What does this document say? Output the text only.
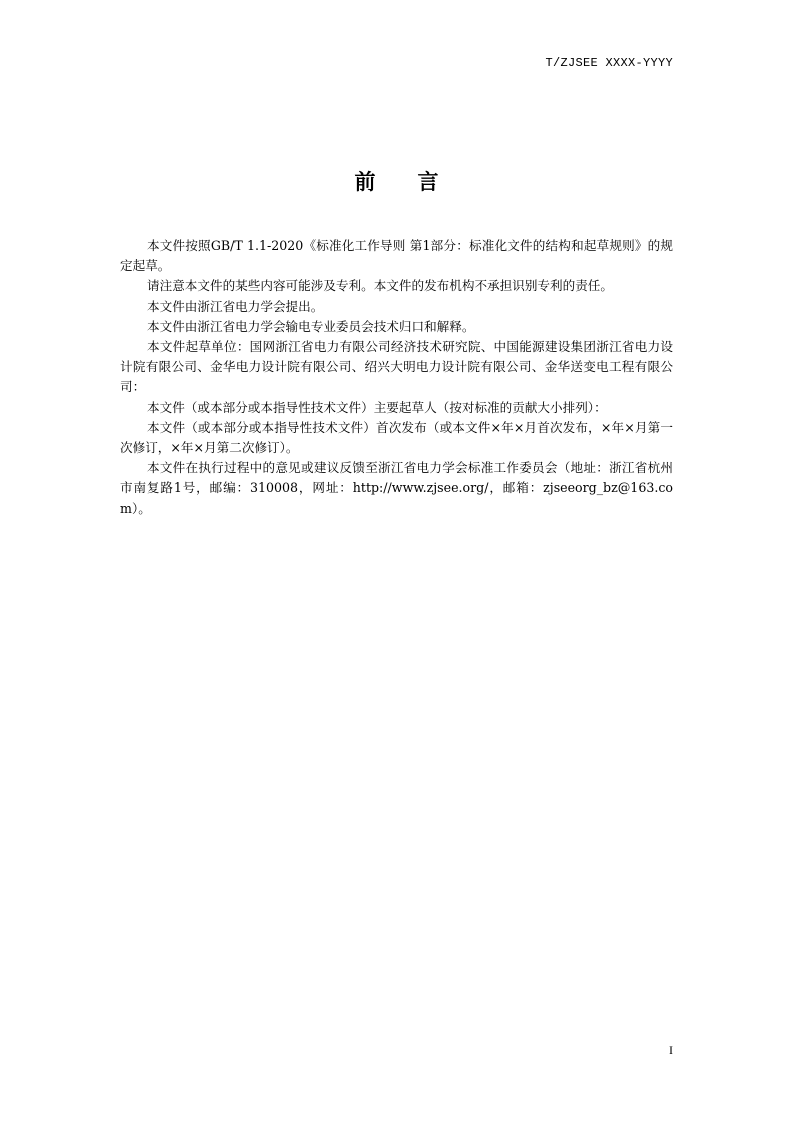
T/ZJSEE XXXX-YYYY
前　　言

本文件按照GB/T 1.1-2020《标准化工作导则 第1部分：标准化文件的结构和起草规则》的规定起草。

请注意本文件的某些内容可能涉及专利。本文件的发布机构不承担识别专利的责任。

本文件由浙江省电力学会提出。

本文件由浙江省电力学会输电专业委员会技术归口和解释。

本文件起草单位：国网浙江省电力有限公司经济技术研究院、中国能源建设集团浙江省电力设计院有限公司、金华电力设计院有限公司、绍兴大明电力设计院有限公司、金华送变电工程有限公司：

本文件（或本部分或本指导性技术文件）主要起草人（按对标准的贡献大小排列）：

本文件（或本部分或本指导性技术文件）首次发布（或本文件×年×月首次发布，×年×月第一次修订，×年×月第二次修订）。

本文件在执行过程中的意见或建议反馈至浙江省电力学会标准工作委员会（地址：浙江省杭州市南复路1号，邮编：310008，网址：http://www.zjsee.org/，邮箱：zjseeorg_bz@163.com）。

I
